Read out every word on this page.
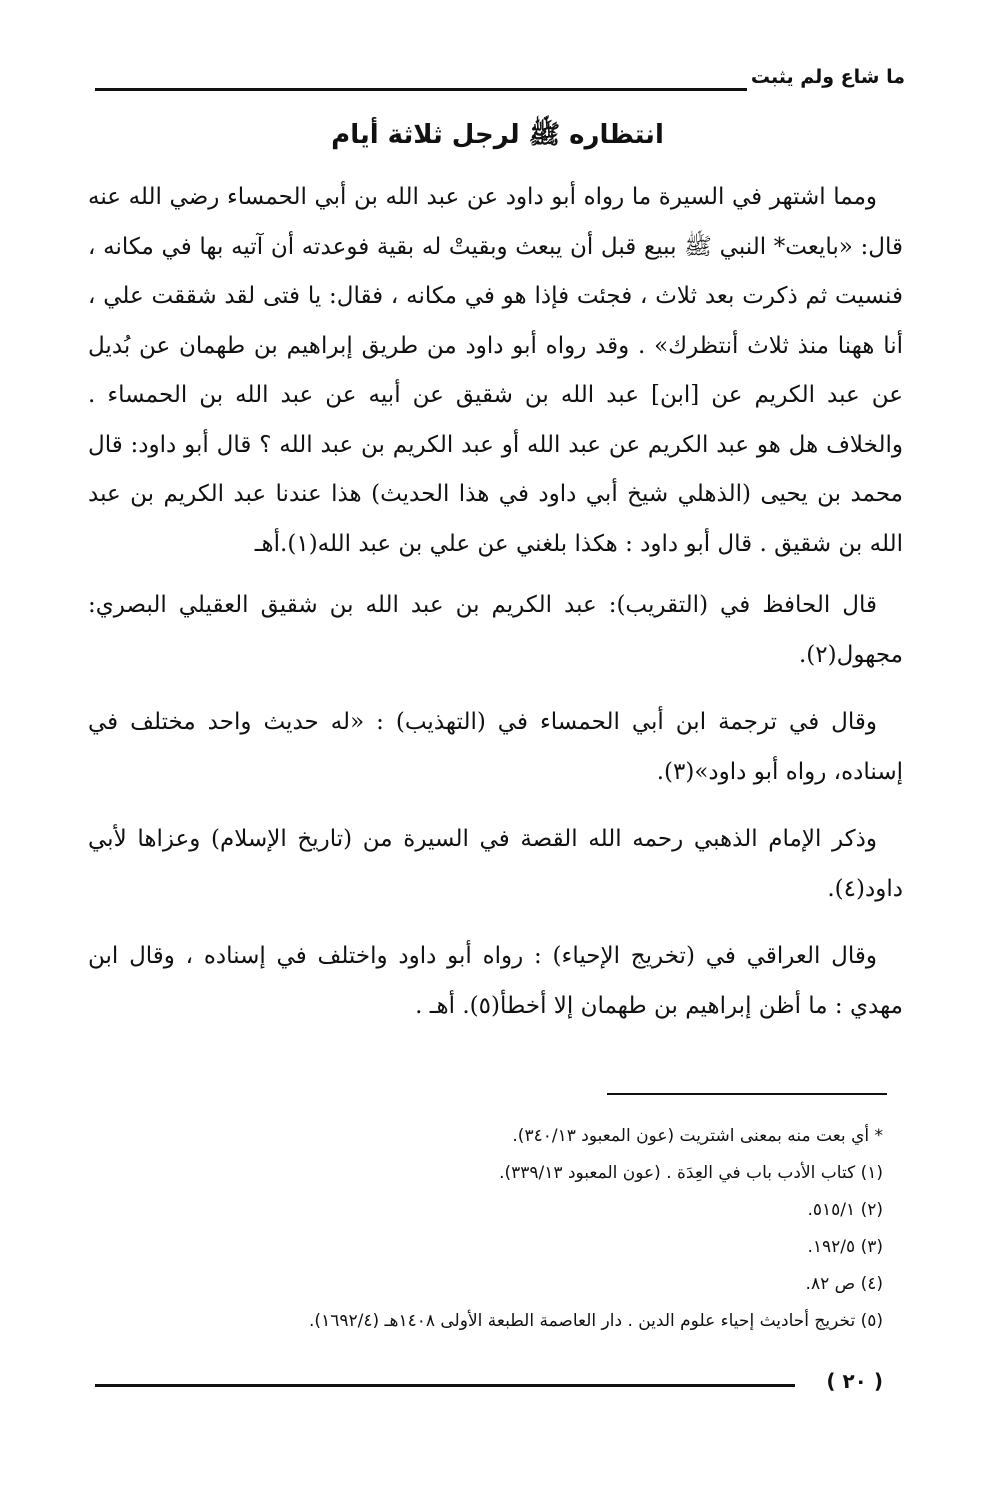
ما شاع ولم يثبت
انتظاره ﷺ لرجل ثلاثة أيام

ومما اشتهر في السيرة ما رواه أبو داود عن عبد الله بن أبي الحمساء رضي الله عنه قال: «بايعت* النبي ﷺ ببيع قبل أن يبعث وبقيتْ له بقية فوعدته أن آتيه بها في مكانه ، فنسيت ثم ذكرت بعد ثلاث ، فجئت فإذا هو في مكانه ، فقال: يا فتى لقد شققت علي ، أنا ههنا منذ ثلاث أنتظرك» . وقد رواه أبو داود من طريق إبراهيم بن طهمان عن بُديل عن عبد الكريم عن [ابن] عبد الله بن شقيق عن أبيه عن عبد الله بن الحمساء . والخلاف هل هو عبد الكريم عن عبد الله أو عبد الكريم بن عبد الله ؟ قال أبو داود: قال محمد بن يحيى (الذهلي شيخ أبي داود في هذا الحديث) هذا عندنا عبد الكريم بن عبد الله بن شقيق . قال أبو داود : هكذا بلغني عن علي بن عبد الله(١).أهـ

قال الحافظ في (التقريب): عبد الكريم بن عبد الله بن شقيق العقيلي البصري: مجهول(٢).

وقال في ترجمة ابن أبي الحمساء في (التهذيب) : «له حديث واحد مختلف في إسناده، رواه أبو داود»(٣).

وذكر الإمام الذهبي رحمه الله القصة في السيرة من (تاريخ الإسلام) وعزاها لأبي داود(٤).

وقال العراقي في (تخريج الإحياء) : رواه أبو داود واختلف في إسناده ، وقال ابن مهدي : ما أظن إبراهيم بن طهمان إلا أخطأ(٥). أهـ .

* أي بعت منه بمعنى اشتريت (عون المعبود ٣٤٠/١٣).
(١) كتاب الأدب باب في العِدَة . (عون المعبود ٣٣٩/١٣).
(٢) ٥١٥/١.
(٣) ١٩٢/٥.
(٤) ص ٨٢.
(٥) تخريج أحاديث إحياء علوم الدين . دار العاصمة الطبعة الأولى ١٤٠٨هـ (١٦٩٢/٤).
( ٢٠ )
